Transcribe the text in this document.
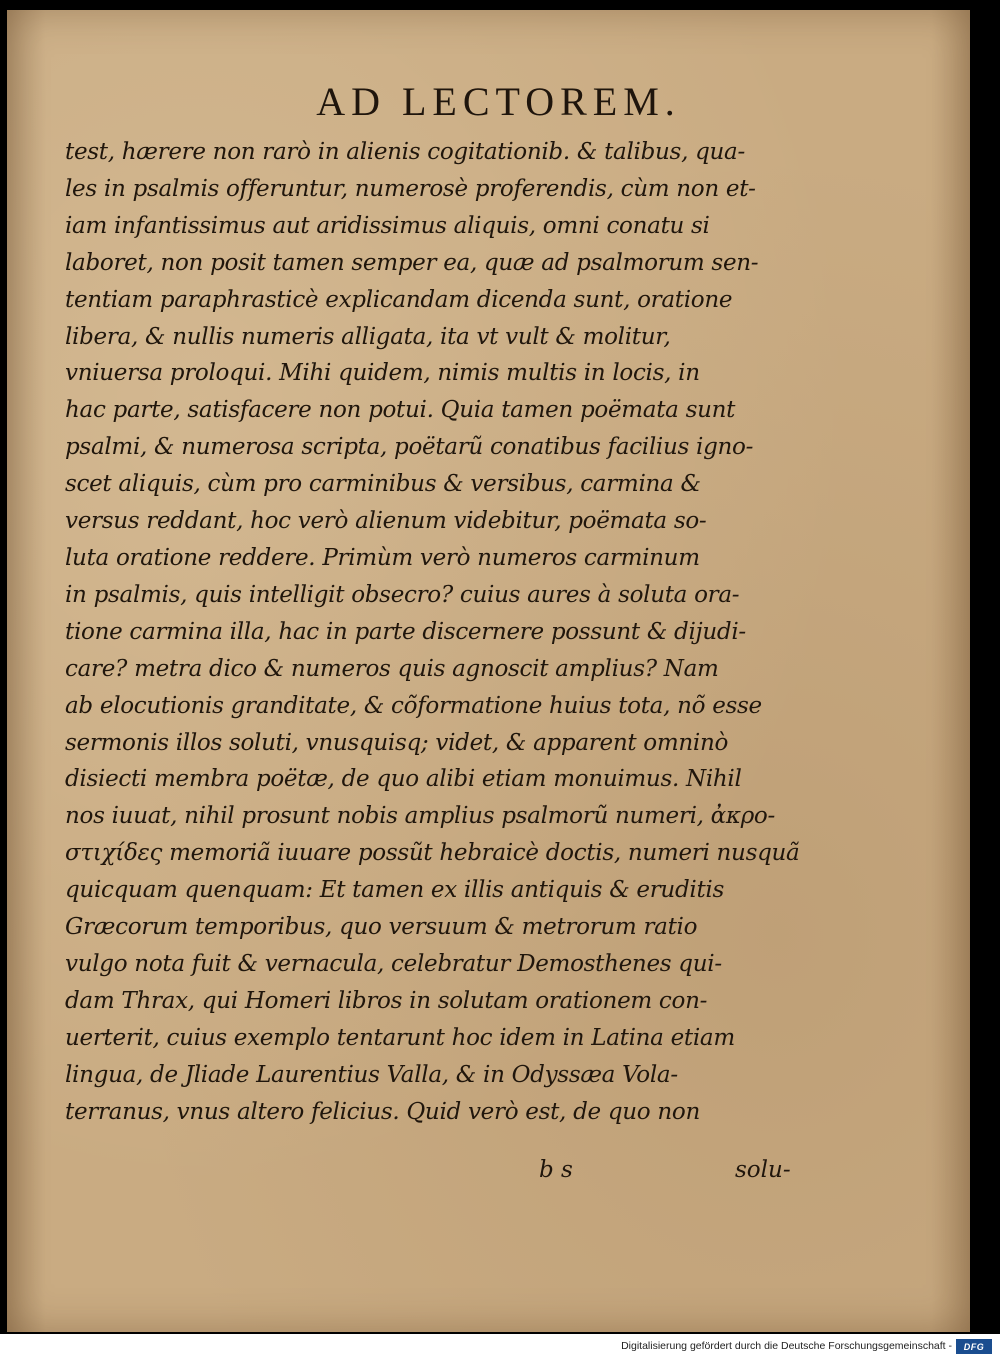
AD LECTOREM.
test, hærere non rarò in alienis cogitationib. & talibus, qua-
les in psalmis offeruntur, numerosè proferendis, cùm non et-
iam infantissimus aut aridissimus aliquis, omni conatu si
laboret, non posit tamen semper ea, quæ ad psalmorum sen-
tentiam paraphrasticè explicandam dicenda sunt, oratione
libera, & nullis numeris alligata, ita vt vult & molitur,
vniuersa proloqui. Mihi quidem, nimis multis in locis, in
hac parte, satisfacere non potui. Quia tamen poëmata sunt
psalmi, & numerosa scripta, poëtarũ conatibus facilius igno-
scet aliquis, cùm pro carminibus & versibus, carmina &
versus reddant, hoc verò alienum videbitur, poëmata so-
luta oratione reddere. Primùm verò numeros carminum
in psalmis, quis intelligit obsecro? cuius aures à soluta ora-
tione carmina illa, hac in parte discernere possunt & dijudi-
care? metra dico & numeros quis agnoscit amplius? Nam
ab elocutionis granditate, & cõformatione huius tota, nõ esse
sermonis illos soluti, vnusquisq; videt, & apparent omninò
disiecti membra poëtæ, de quo alibi etiam monuimus. Nihil
nos iuuat, nihil prosunt nobis amplius psalmorũ numeri, ἀκρο-
στιχίδες memoriã iuuare possũt hebraicè doctis, numeri nusquã
quicquam quenquam: Et tamen ex illis antiquis & eruditis
Græcorum temporibus, quo versuum & metrorum ratio
vulgo nota fuit & vernacula, celebratur Demosthenes qui-
dam Thrax, qui Homeri libros in solutam orationem con-
uerterit, cuius exemplo tentarunt hoc idem in Latina etiam
lingua, de Jliade Laurentius Valla, & in Odyssæa Vola-
terranus, vnus altero felicius. Quid verò est, de quo non
b s	solu-
Digitalisierung gefördert durch die Deutsche Forschungsgemeinschaft -	DFG
